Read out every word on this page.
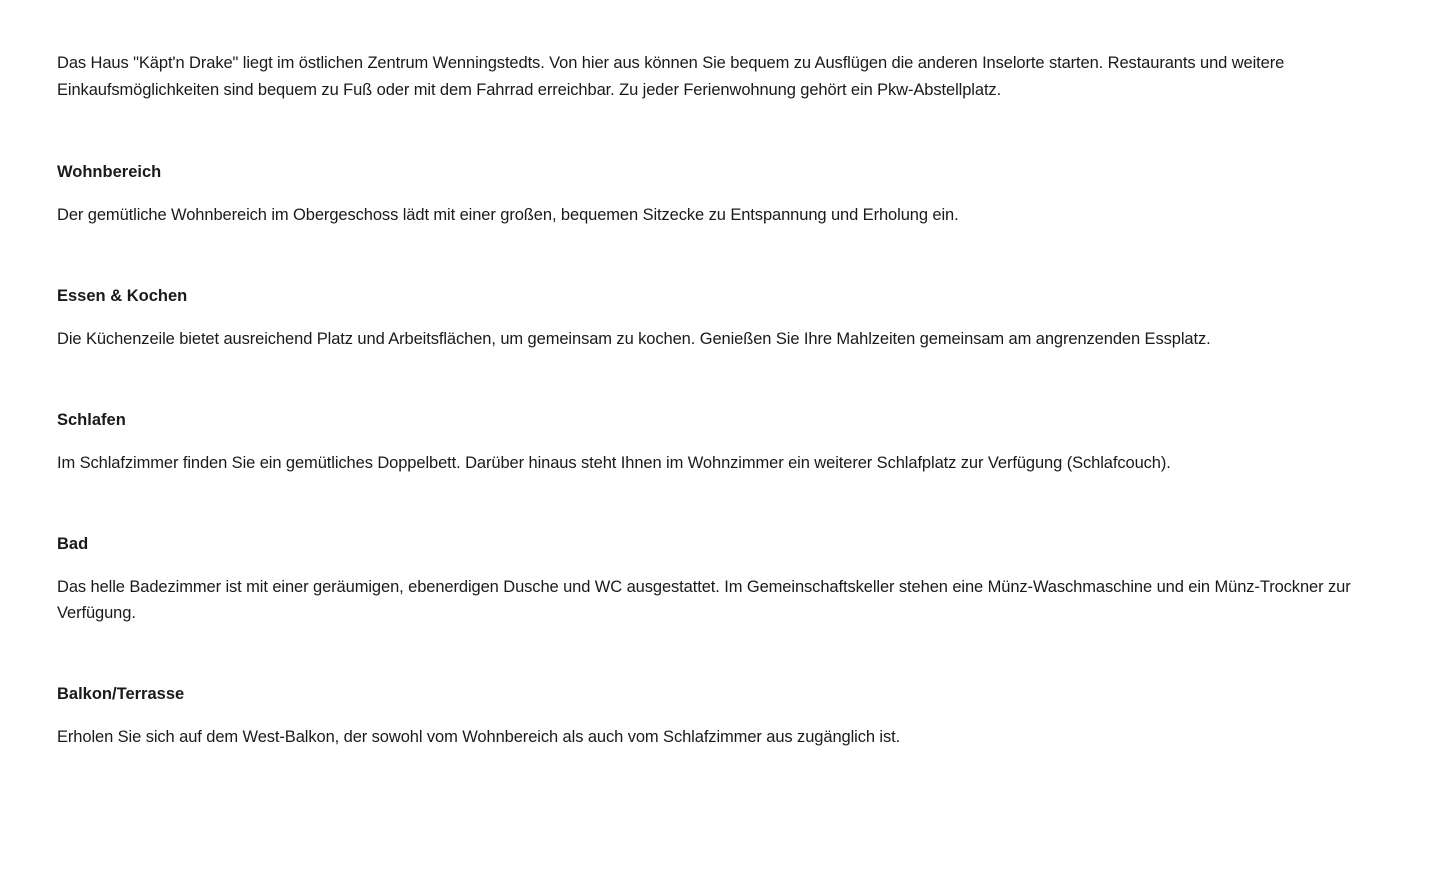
Das Haus "Käpt'n Drake" liegt im östlichen Zentrum Wenningstedts. Von hier aus können Sie bequem zu Ausflügen die anderen Inselorte starten. Restaurants und weitere Einkaufsmöglichkeiten sind bequem zu Fuß oder mit dem Fahrrad erreichbar. Zu jeder Ferienwohnung gehört ein Pkw-Abstellplatz.

Wohnbereich

Der gemütliche Wohnbereich im Obergeschoss lädt mit einer großen, bequemen Sitzecke zu Entspannung und Erholung ein.

Essen & Kochen

Die Küchenzeile bietet ausreichend Platz und Arbeitsflächen, um gemeinsam zu kochen. Genießen Sie Ihre Mahlzeiten gemeinsam am angrenzenden Essplatz.

Schlafen

Im Schlafzimmer finden Sie ein gemütliches Doppelbett. Darüber hinaus steht Ihnen im Wohnzimmer ein weiterer Schlafplatz zur Verfügung (Schlafcouch).

Bad

Das helle Badezimmer ist mit einer geräumigen, ebenerdigen Dusche und WC ausgestattet. Im Gemeinschaftskeller stehen eine Münz-Waschmaschine und ein Münz-Trockner zur Verfügung.

Balkon/Terrasse

Erholen Sie sich auf dem West-Balkon, der sowohl vom Wohnbereich als auch vom Schlafzimmer aus zugänglich ist.
